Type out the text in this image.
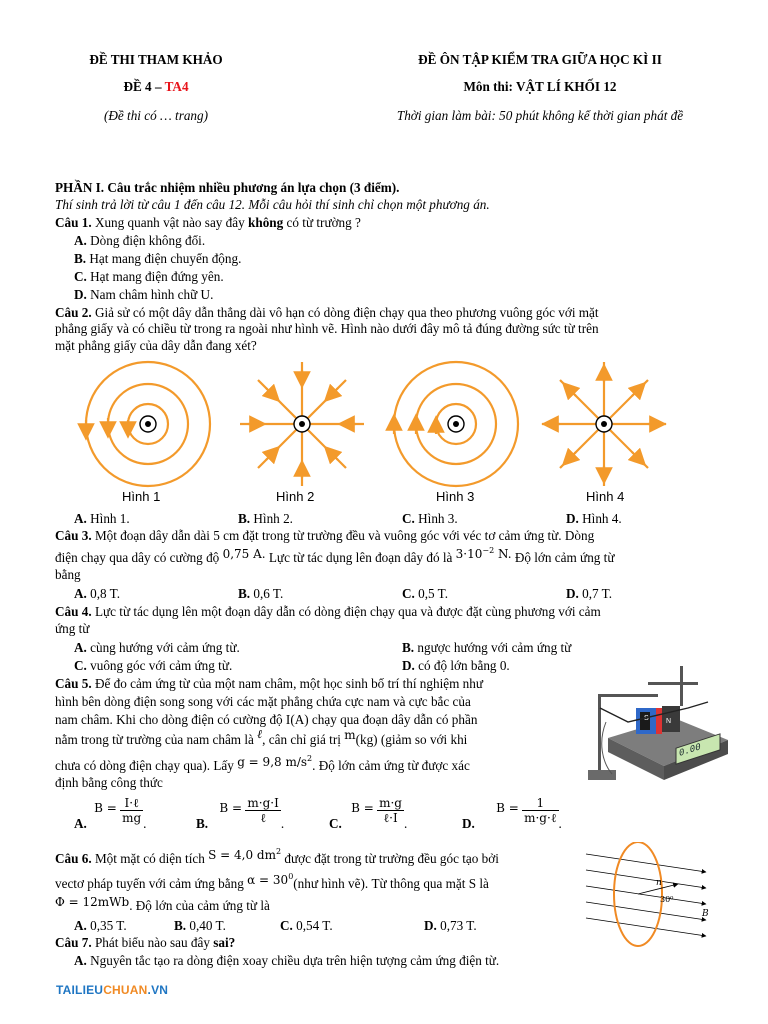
ĐỀ THI THAM KHẢO
ĐỀ 4 – TA4
(Đề thi có … trang)
ĐỀ ÔN TẬP KIỂM TRA GIỮA HỌC KÌ II
Môn thi: VẬT LÍ KHỐI 12
Thời gian làm bài: 50 phút không kể thời gian phát đề
PHẦN I. Câu trắc nhiệm nhiều phương án lựa chọn (3 điểm).
Thí sinh trả lời từ câu 1 đến câu 12. Mỗi câu hỏi thí sinh chỉ chọn một phương án.
Câu 1. Xung quanh vật nào say đây không có từ trường ?
A. Dòng điện không đổi.
B. Hạt mang điện chuyển động.
C. Hạt mang điện đứng yên.
D. Nam châm hình chữ U.
Câu 2. Giả sử có một dây dẫn thẳng dài vô hạn có dòng điện chạy qua theo phương vuông góc với mặt
phẳng giấy và có chiều từ trong ra ngoài như hình vẽ. Hình nào dưới đây mô tả đúng đường sức từ trên
mặt phẳng giấy của dây dẫn đang xét?
Hình 1	Hình 2	Hình 3	Hình 4
A. Hình 1.	B. Hình 2.	C. Hình 3.	D. Hình 4.
Câu 3. Một đoạn dây dẫn dài 5 cm đặt trong từ trường đều và vuông góc với véc tơ cảm ứng từ. Dòng
điện chạy qua dây có cường độ 0,75 A. Lực từ tác dụng lên đoạn dây đó là $3\cdot 10^{-2}$ N. Độ lớn cảm ứng từ
bằng
A. 0,8 T.	B. 0,6 T.	C. 0,5 T.	D. 0,7 T.
Câu 4. Lực từ tác dụng lên một đoạn dây dẫn có dòng điện chạy qua và được đặt cùng phương với cảm
ứng từ
A. cùng hướng với cảm ứng từ.	B. ngược hướng với cảm ứng từ
C. vuông góc với cảm ứng từ.	D. có độ lớn bằng 0.
Câu 5. Để đo cảm ứng từ của một nam châm, một học sinh bố trí thí nghiệm như
hình bên dòng điện song song với các mặt phẳng chứa cực nam và cực bắc của
nam châm. Khi cho dòng điện có cường độ I(A) chạy qua đoạn dây dẫn có phần
nằm trong từ trường của nam châm là ℓ, cân chỉ giá trị m(kg) (giảm so với khi
chưa có dòng điện chạy qua). Lấy g = 9,8 $m/s^2$. Độ lớn cảm ứng từ được xác
định bằng công thức
0.00
S N
A. $B = \frac{\text{I·ℓ}}{mg}$ .	B. $B = \frac{m\cdot g\cdot I}{\text{ℓ}}$ .	C. $B = \frac{m\cdot g}{\text{ℓ·I}}$ .	D. $B = \frac{1}{\text{m·g·ℓ}}$ .
Câu 6. Một mặt có diện tích S = 4,0 $dm^2$ được đặt trong từ trường đều góc tạo bởi
vectơ pháp tuyến với cảm ứng bằng $\alpha = 30^0(như$ hình vẽ). Từ thông qua mặt S là
Φ = 12mWb. Độ lớn của cảm ứng từ là
A. 0,35 T.	B. 0,40 T.	C. 0,54 T.	D. 0,73 T.
n
30⁰
B
Câu 7. Phát biểu nào sau đây sai?
A. Nguyên tắc tạo ra dòng điện xoay chiều dựa trên hiện tượng cảm ứng điện từ.
TAILIEUCHUAN.VN
